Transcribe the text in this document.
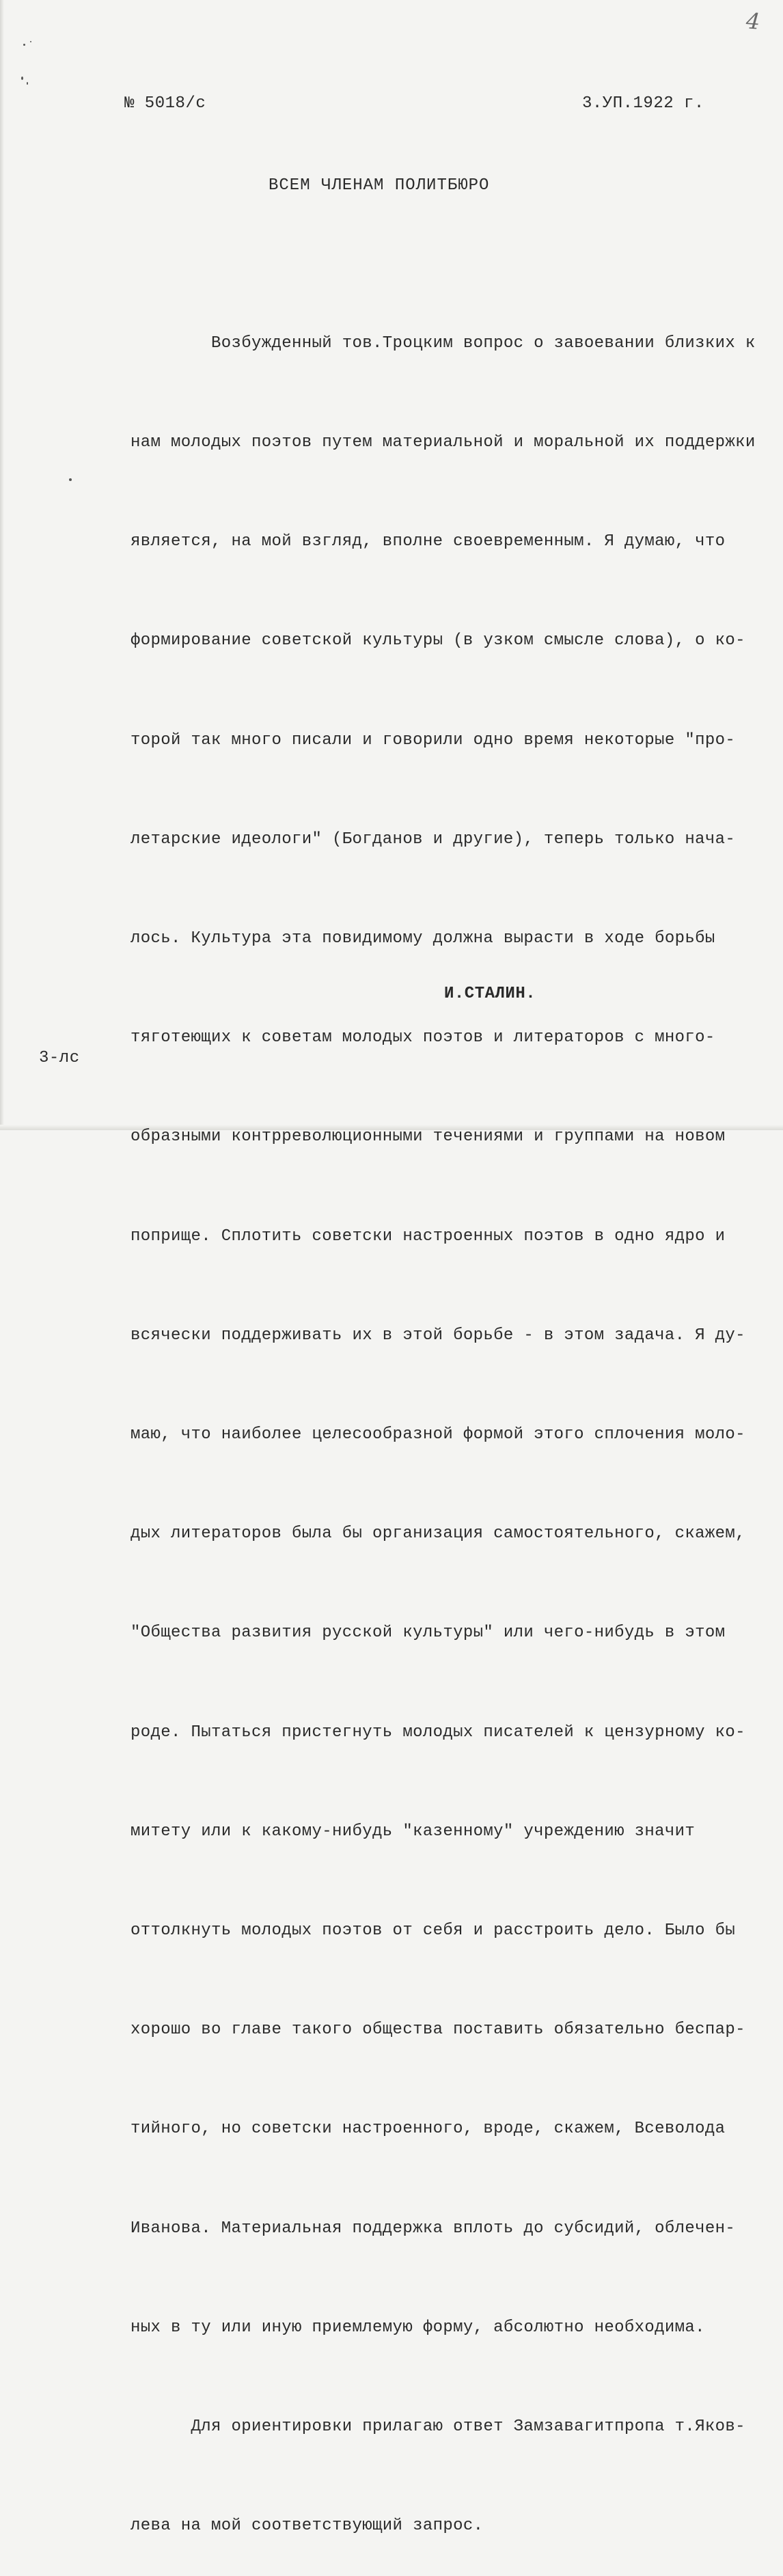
4
№ 5018/с	3.УП.1922 г.
ВСЕМ ЧЛЕНАМ ПОЛИТБЮРО

Возбужденный тов.Троцким вопрос о завоевании близких к

нам молодых поэтов путем материальной и моральной их поддержки

является, на мой взгляд, вполне своевременным. Я думаю, что

формирование советской культуры (в узком смысле слова), о ко-

торой так много писали и говорили одно время некоторые "про-

летарские идеологи" (Богданов и другие), теперь только нача-

лось. Культура эта повидимому должна вырасти в ходе борьбы

тяготеющих к советам молодых поэтов и литераторов с много-

образными контрреволюционными течениями и группами на новом

поприще. Сплотить советски настроенных поэтов в одно ядро и

всячески поддерживать их в этой борьбе - в этом задача. Я ду-

маю, что наиболее целесообразной формой этого сплочения моло-

дых литераторов была бы организация самостоятельного, скажем,

"Общества развития русской культуры" или чего-нибудь в этом

роде. Пытаться пристегнуть молодых писателей к цензурному ко-

митету или к какому-нибудь "казенному" учреждению значит

оттолкнуть молодых поэтов от себя и расстроить дело. Было бы

хорошо во главе такого общества поставить обязательно беспар-

тийного, но советски настроенного, вроде, скажем, Всеволода

Иванова. Материальная поддержка вплоть до субсидий, облечен-

ных в ту или иную приемлемую форму, абсолютно необходима.

Для ориентировки прилагаю ответ Замзавагитпропа т.Яков-

лева на мой соответствующий запрос.

И.СТАЛИН.
3-лс
